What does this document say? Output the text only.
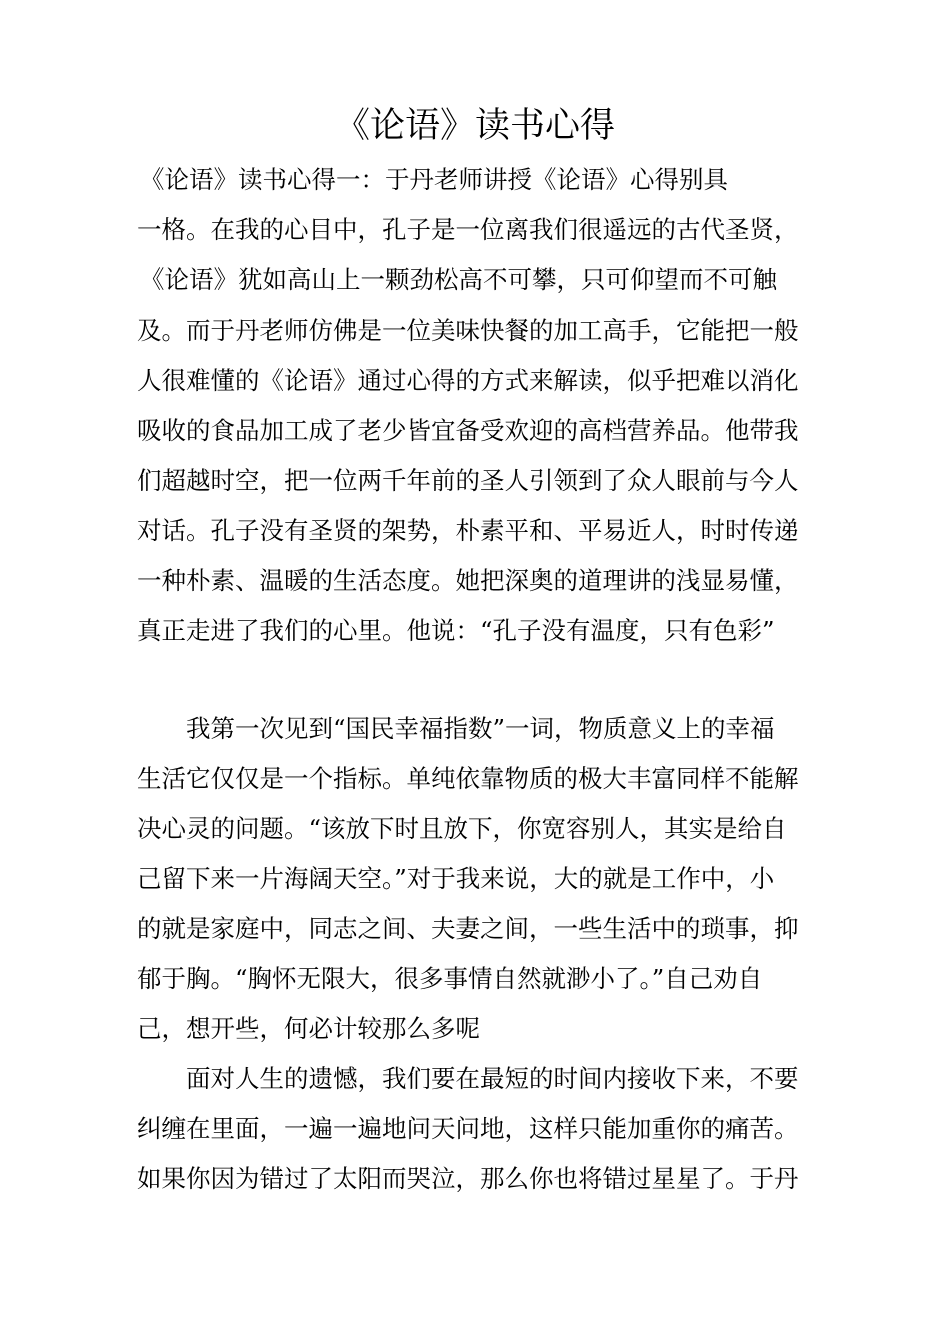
《论语》读书心得
《论语》读书心得一：于丹老师讲授《论语》心得别具
一格。在我的心目中，孔子是一位离我们很遥远的古代圣贤，
《论语》犹如高山上一颗劲松高不可攀，只可仰望而不可触
及。而于丹老师仿佛是一位美味快餐的加工高手，它能把一般
人很难懂的《论语》通过心得的方式来解读，似乎把难以消化
吸收的食品加工成了老少皆宜备受欢迎的高档营养品。他带我
们超越时空，把一位两千年前的圣人引领到了众人眼前与今人
对话。孔子没有圣贤的架势，朴素平和、平易近人，时时传递
一种朴素、温暖的生活态度。她把深奥的道理讲的浅显易懂，
真正走进了我们的心里。他说：“孔子没有温度，只有色彩”
我第一次见到“国民幸福指数”一词，物质意义上的幸福
生活它仅仅是一个指标。单纯依靠物质的极大丰富同样不能解
决心灵的问题。“该放下时且放下，你宽容别人，其实是给自
己留下来一片海阔天空。”对于我来说，大的就是工作中，小
的就是家庭中，同志之间、夫妻之间，一些生活中的琐事，抑
郁于胸。“胸怀无限大，很多事情自然就渺小了。”自己劝自
己，想开些，何必计较那么多呢
面对人生的遗憾，我们要在最短的时间内接收下来，不要
纠缠在里面，一遍一遍地问天问地，这样只能加重你的痛苦。
如果你因为错过了太阳而哭泣，那么你也将错过星星了。于丹
